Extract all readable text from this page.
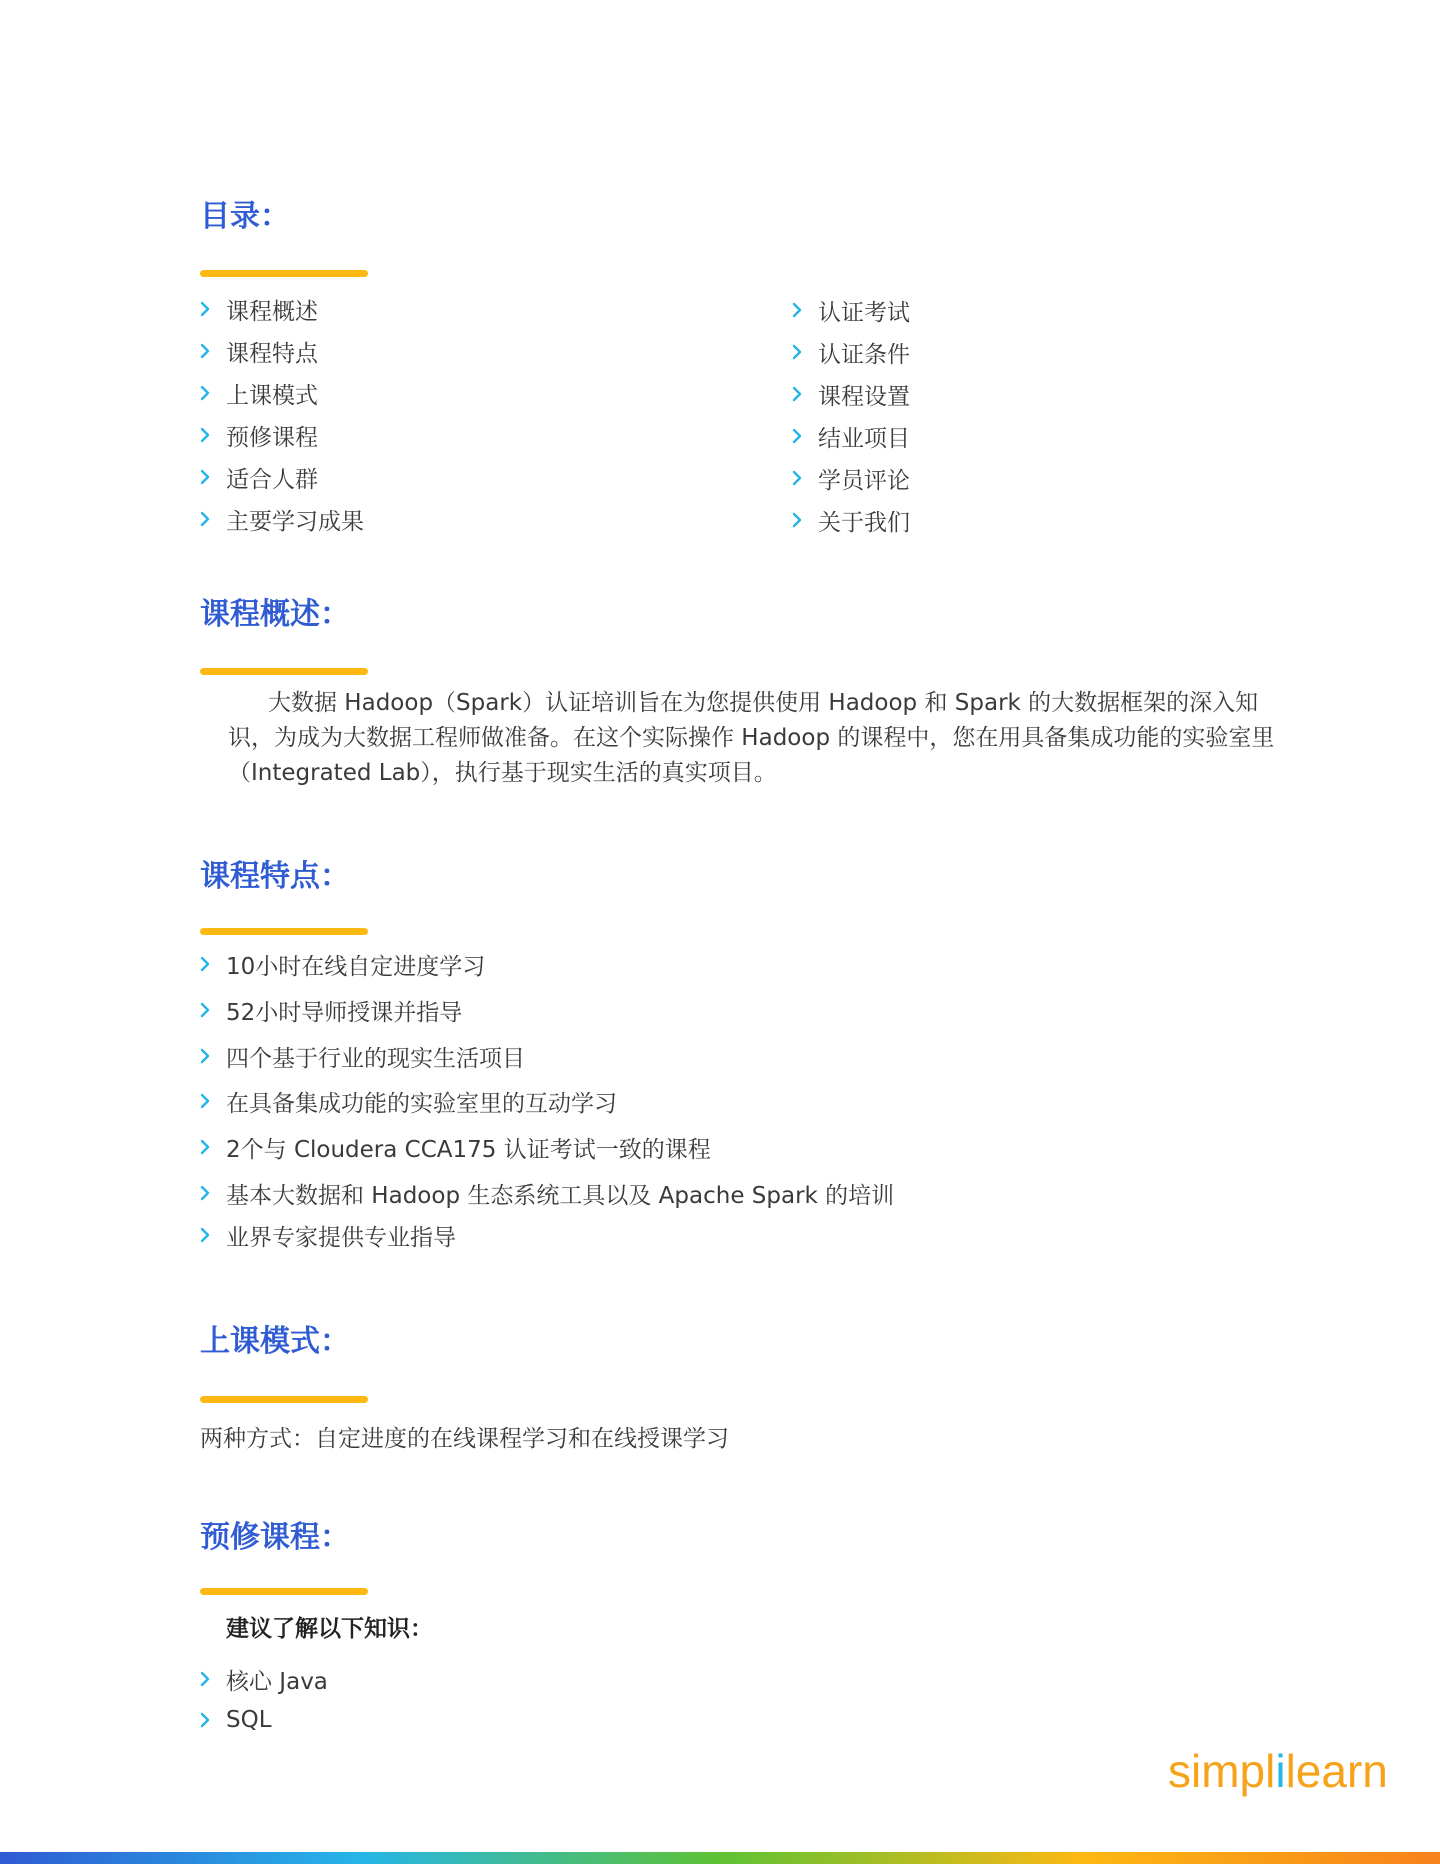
目录：
课程概述
课程特点
上课模式
预修课程
适合人群
主要学习成果
认证考试
认证条件
课程设置
结业项目
学员评论
关于我们
课程概述：
大数据 Hadoop（Spark）认证培训旨在为您提供使用 Hadoop 和 Spark 的大数据框架的深入知识，为成为大数据工程师做准备。在这个实际操作 Hadoop 的课程中，您在用具备集成功能的实验室里（Integrated Lab），执行基于现实生活的真实项目。
课程特点：
10小时在线自定进度学习
52小时导师授课并指导
四个基于行业的现实生活项目
在具备集成功能的实验室里的互动学习
2个与 Cloudera CCA175 认证考试一致的课程
基本大数据和 Hadoop 生态系统工具以及 Apache Spark 的培训
业界专家提供专业指导
上课模式：
两种方式：自定进度的在线课程学习和在线授课学习
预修课程：
建议了解以下知识：
核心 Java
SQL
simplilearn
